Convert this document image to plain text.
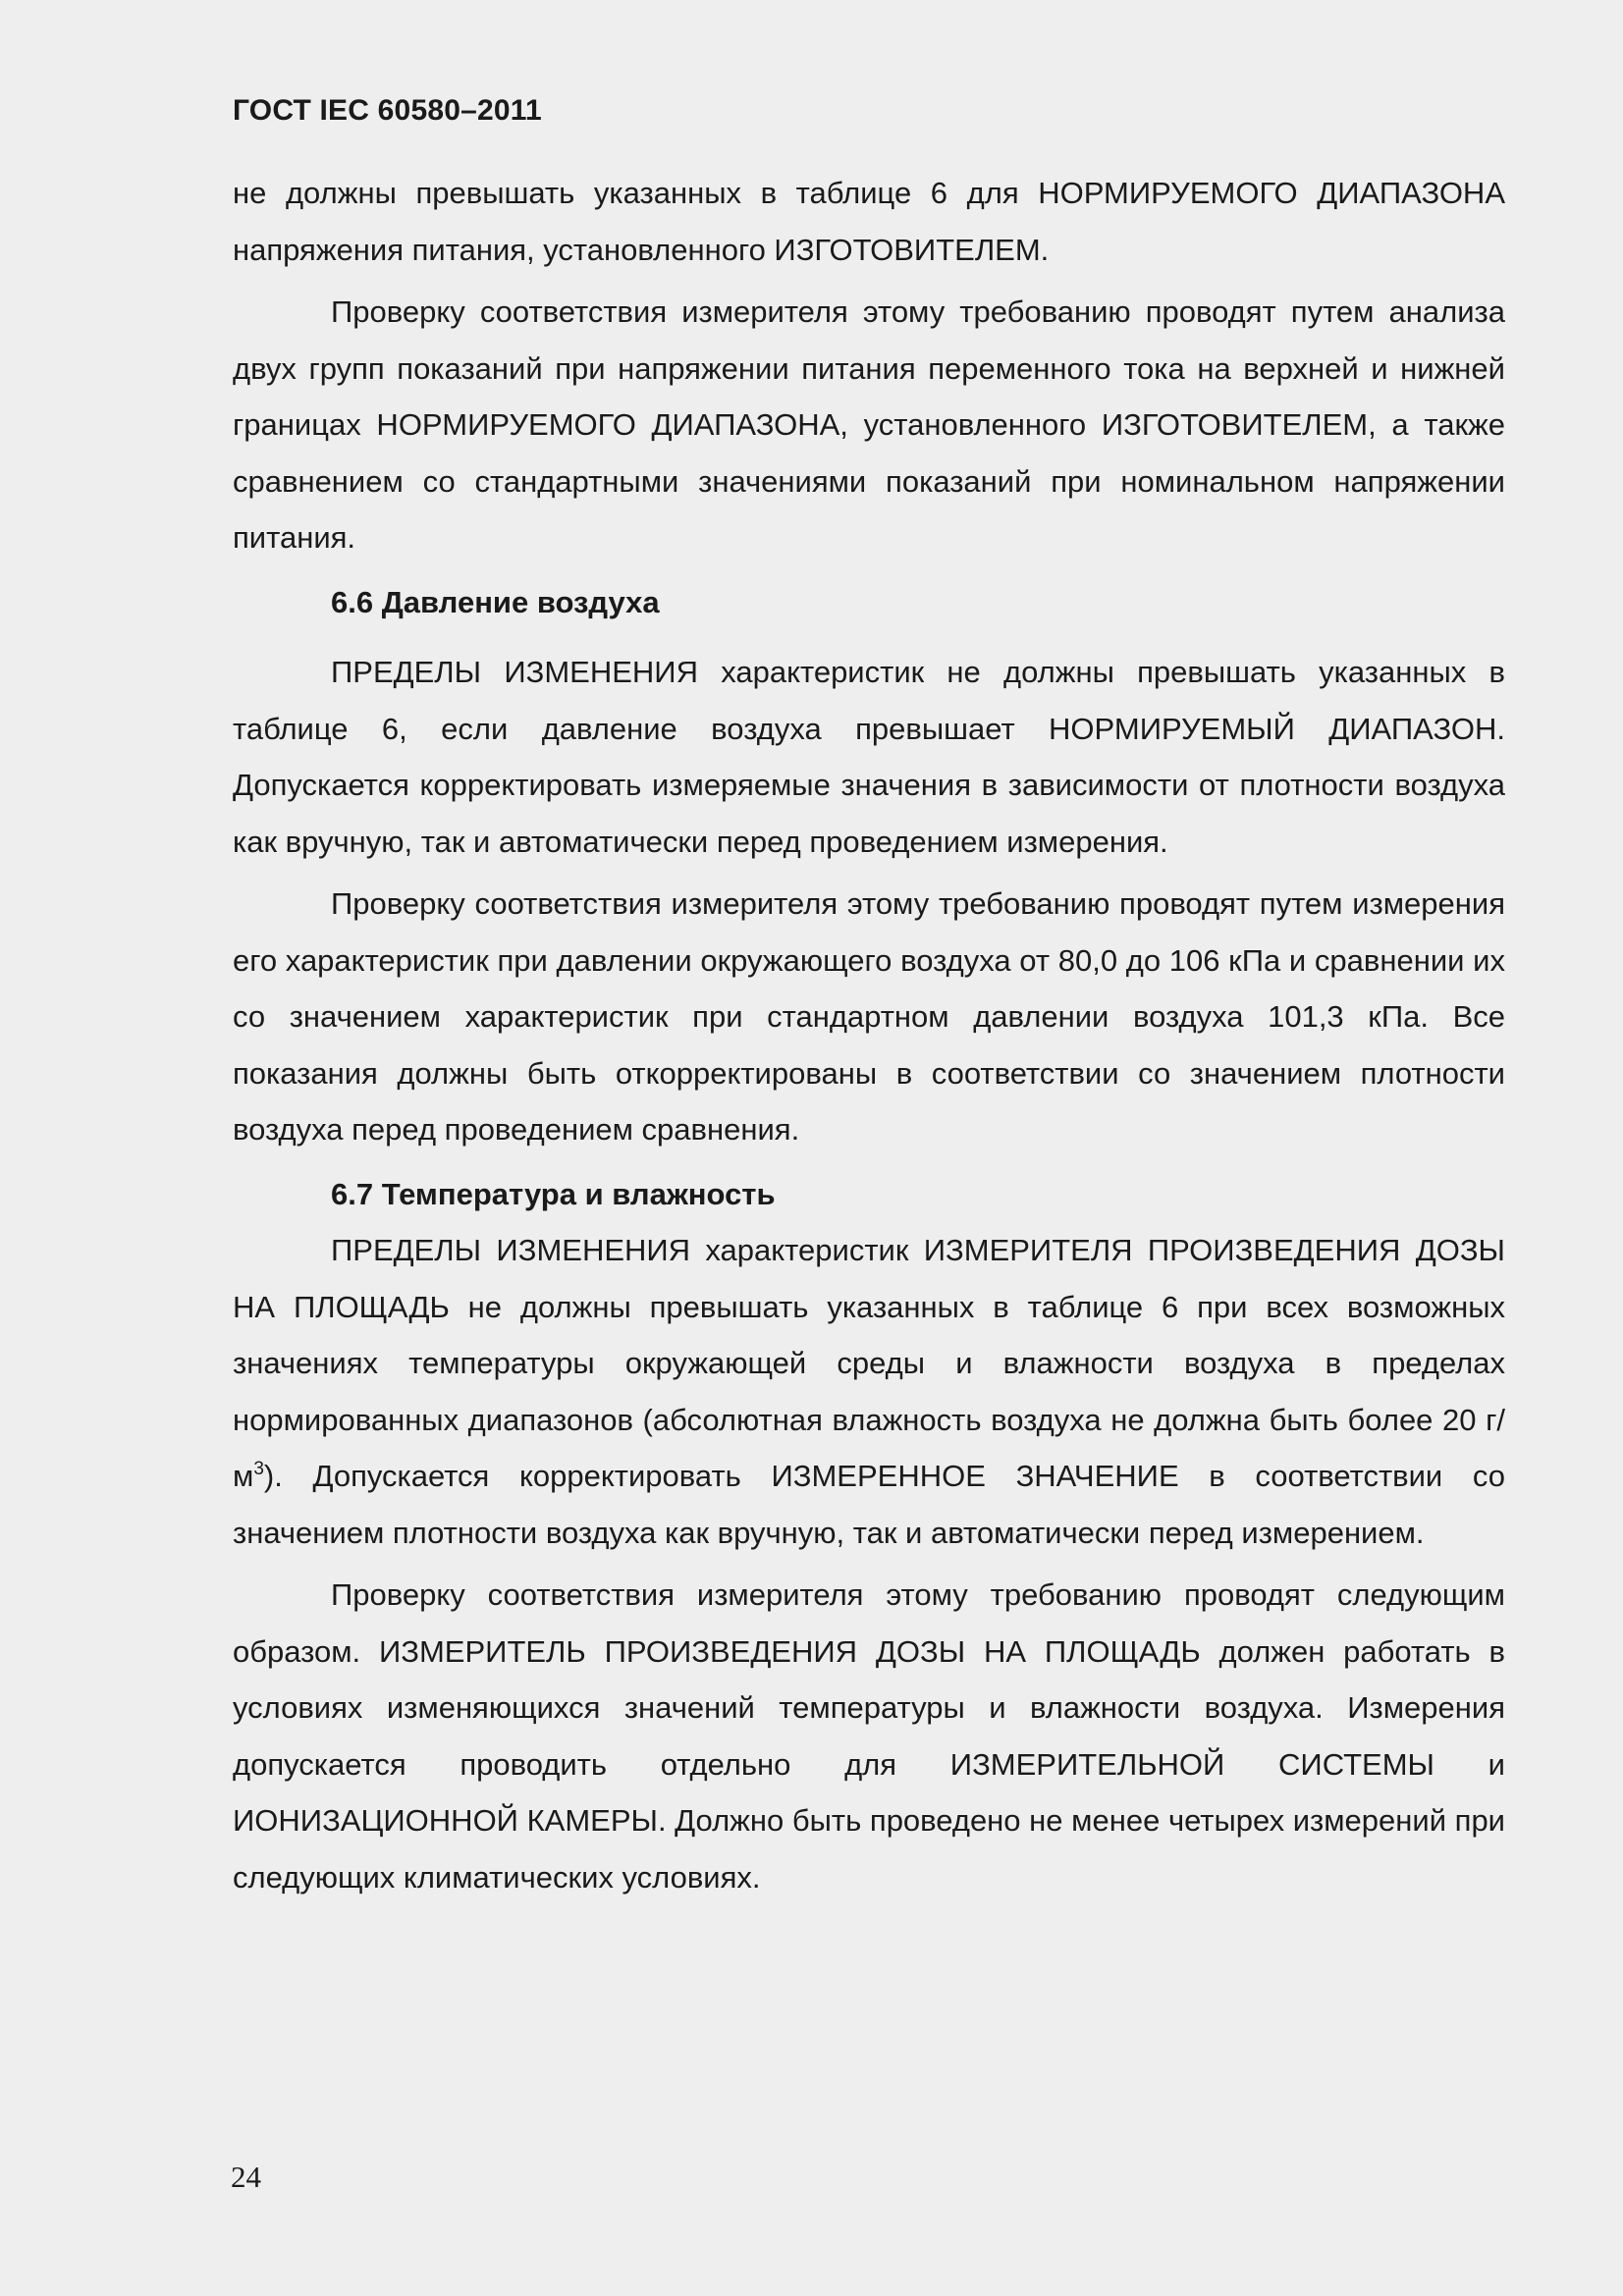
ГОСТ IEC 60580–2011

не должны превышать указанных в таблице 6 для НОРМИРУЕМОГО ДИАПАЗОНА напряжения питания, установленного ИЗГОТОВИТЕЛЕМ.

Проверку соответствия измерителя этому требованию проводят путем анализа двух групп показаний при напряжении питания переменного тока на верхней и нижней границах НОРМИРУЕМОГО ДИАПАЗОНА, установленного ИЗГОТОВИТЕЛЕМ, а также сравнением со стандартными значениями показаний при номинальном напряжении питания.

6.6 Давление воздуха

ПРЕДЕЛЫ ИЗМЕНЕНИЯ характеристик не должны превышать указанных в таблице 6, если давление воздуха превышает НОРМИРУЕМЫЙ ДИАПАЗОН. Допускается корректировать измеряемые значения в зависимости от плотности воздуха как вручную, так и автоматически перед проведением измерения.

Проверку соответствия измерителя этому требованию проводят путем измерения его характеристик при давлении окружающего воздуха от 80,0 до 106 кПа и сравнении их со значением характеристик при стандартном давлении воздуха 101,3 кПа. Все показания должны быть откорректированы в соответствии со значением плотности воздуха перед проведением сравнения.

6.7 Температура и влажность

ПРЕДЕЛЫ ИЗМЕНЕНИЯ характеристик ИЗМЕРИТЕЛЯ ПРОИЗВЕДЕНИЯ ДОЗЫ НА ПЛОЩАДЬ не должны превышать указанных в таблице 6 при всех возможных значениях температуры окружающей среды и влажности воздуха в пределах нормированных диапазонов (абсолютная влажность воздуха не должна быть более 20 $г/м^3$). Допускается корректировать ИЗМЕРЕННОЕ ЗНАЧЕНИЕ в соответствии со значением плотности воздуха как вручную, так и автоматически перед измерением.

Проверку соответствия измерителя этому требованию проводят следующим образом. ИЗМЕРИТЕЛЬ ПРОИЗВЕДЕНИЯ ДОЗЫ НА ПЛОЩАДЬ должен работать в условиях изменяющихся значений температуры и влажности воздуха. Измерения допускается проводить отдельно для ИЗМЕРИТЕЛЬНОЙ СИСТЕМЫ и ИОНИЗАЦИОННОЙ КАМЕРЫ. Должно быть проведено не менее четырех измерений при следующих климатических условиях.

24
